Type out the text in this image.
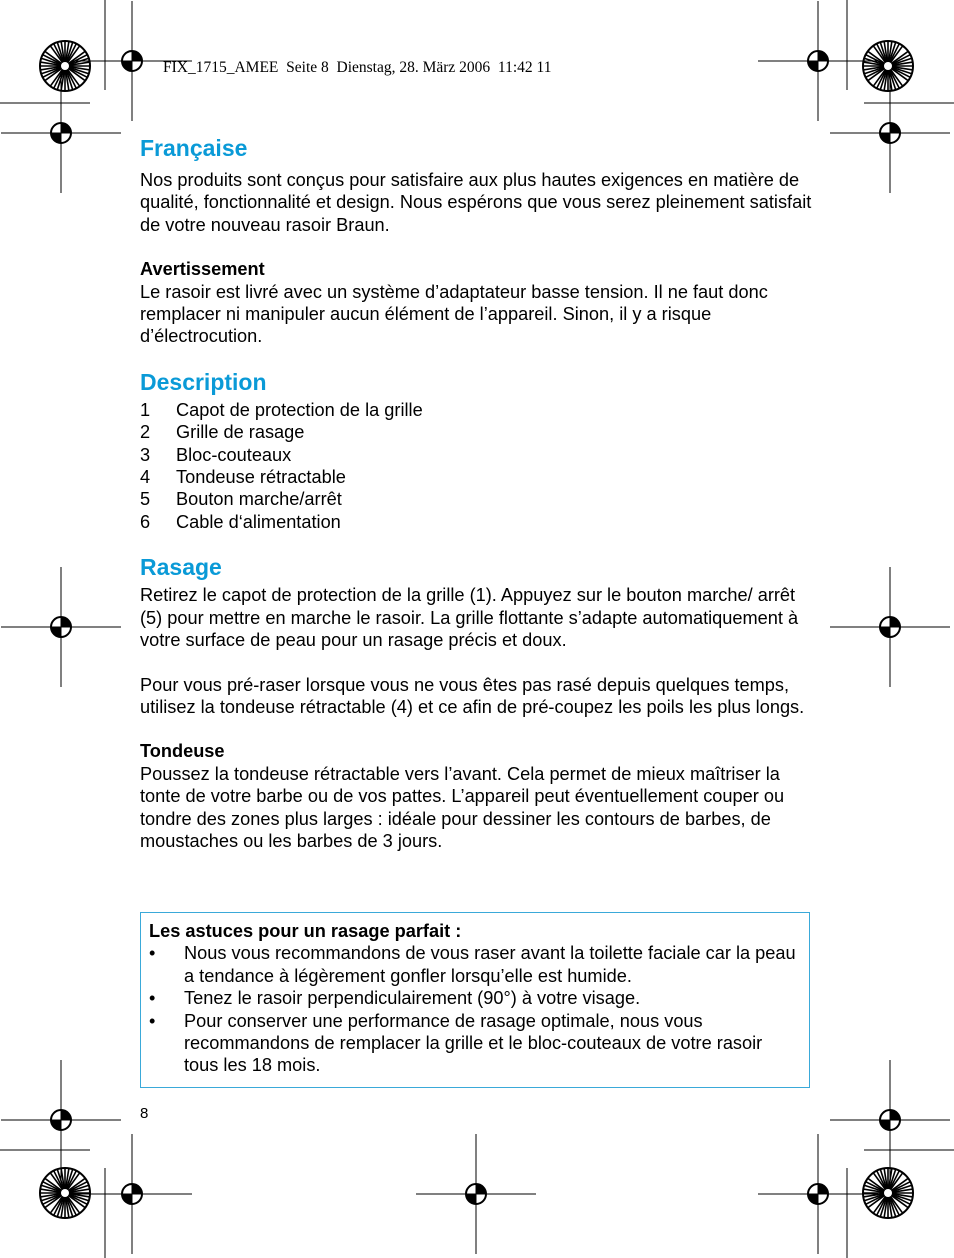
FIX_1715_AMEE  Seite 8  Dienstag, 28. März 2006  11:42 11
Française

Nos produits sont conçus pour satisfaire aux plus hautes exigences en matière de qualité, fonctionnalité et design. Nous espérons que vous serez pleinement satisfait de votre nouveau rasoir Braun.

Avertissement

Le rasoir est livré avec un système d’adaptateur basse tension. Il ne faut donc remplacer ni manipuler aucun élément de l’appareil. Sinon, il y a risque d’électrocution.

Description
1	Capot de protection de la grille
2	Grille de rasage
3	Bloc-couteaux
4	Tondeuse rétractable
5	Bouton marche/arrêt
6	Cable d‘alimentation
Rasage

Retirez le capot de protection de la grille (1). Appuyez sur le bouton marche/ arrêt (5) pour mettre en marche le rasoir. La grille flottante s’adapte automatiquement à votre surface de peau pour un rasage précis et doux.

Pour vous pré-raser lorsque vous ne vous êtes pas rasé depuis quelques temps, utilisez la tondeuse rétractable (4) et ce afin de pré-coupez les poils les plus longs.

Tondeuse

Poussez la tondeuse rétractable vers l’avant. Cela permet de mieux maîtriser la tonte de votre barbe ou de vos pattes. L’appareil peut éventuellement couper ou tondre des zones plus larges : idéale pour dessiner les contours de barbes, de moustaches ou les barbes de 3 jours.

Les astuces pour un rasage parfait :
•	Nous vous recommandons de vous raser avant la toilette faciale car la peau a tendance à légèrement gonfler lorsqu’elle est humide.
•	Tenez le rasoir perpendiculairement (90°) à votre visage.
•	Pour conserver une performance de rasage optimale, nous vous recommandons de remplacer la grille et le bloc-couteaux de votre rasoir tous les 18 mois.
8
